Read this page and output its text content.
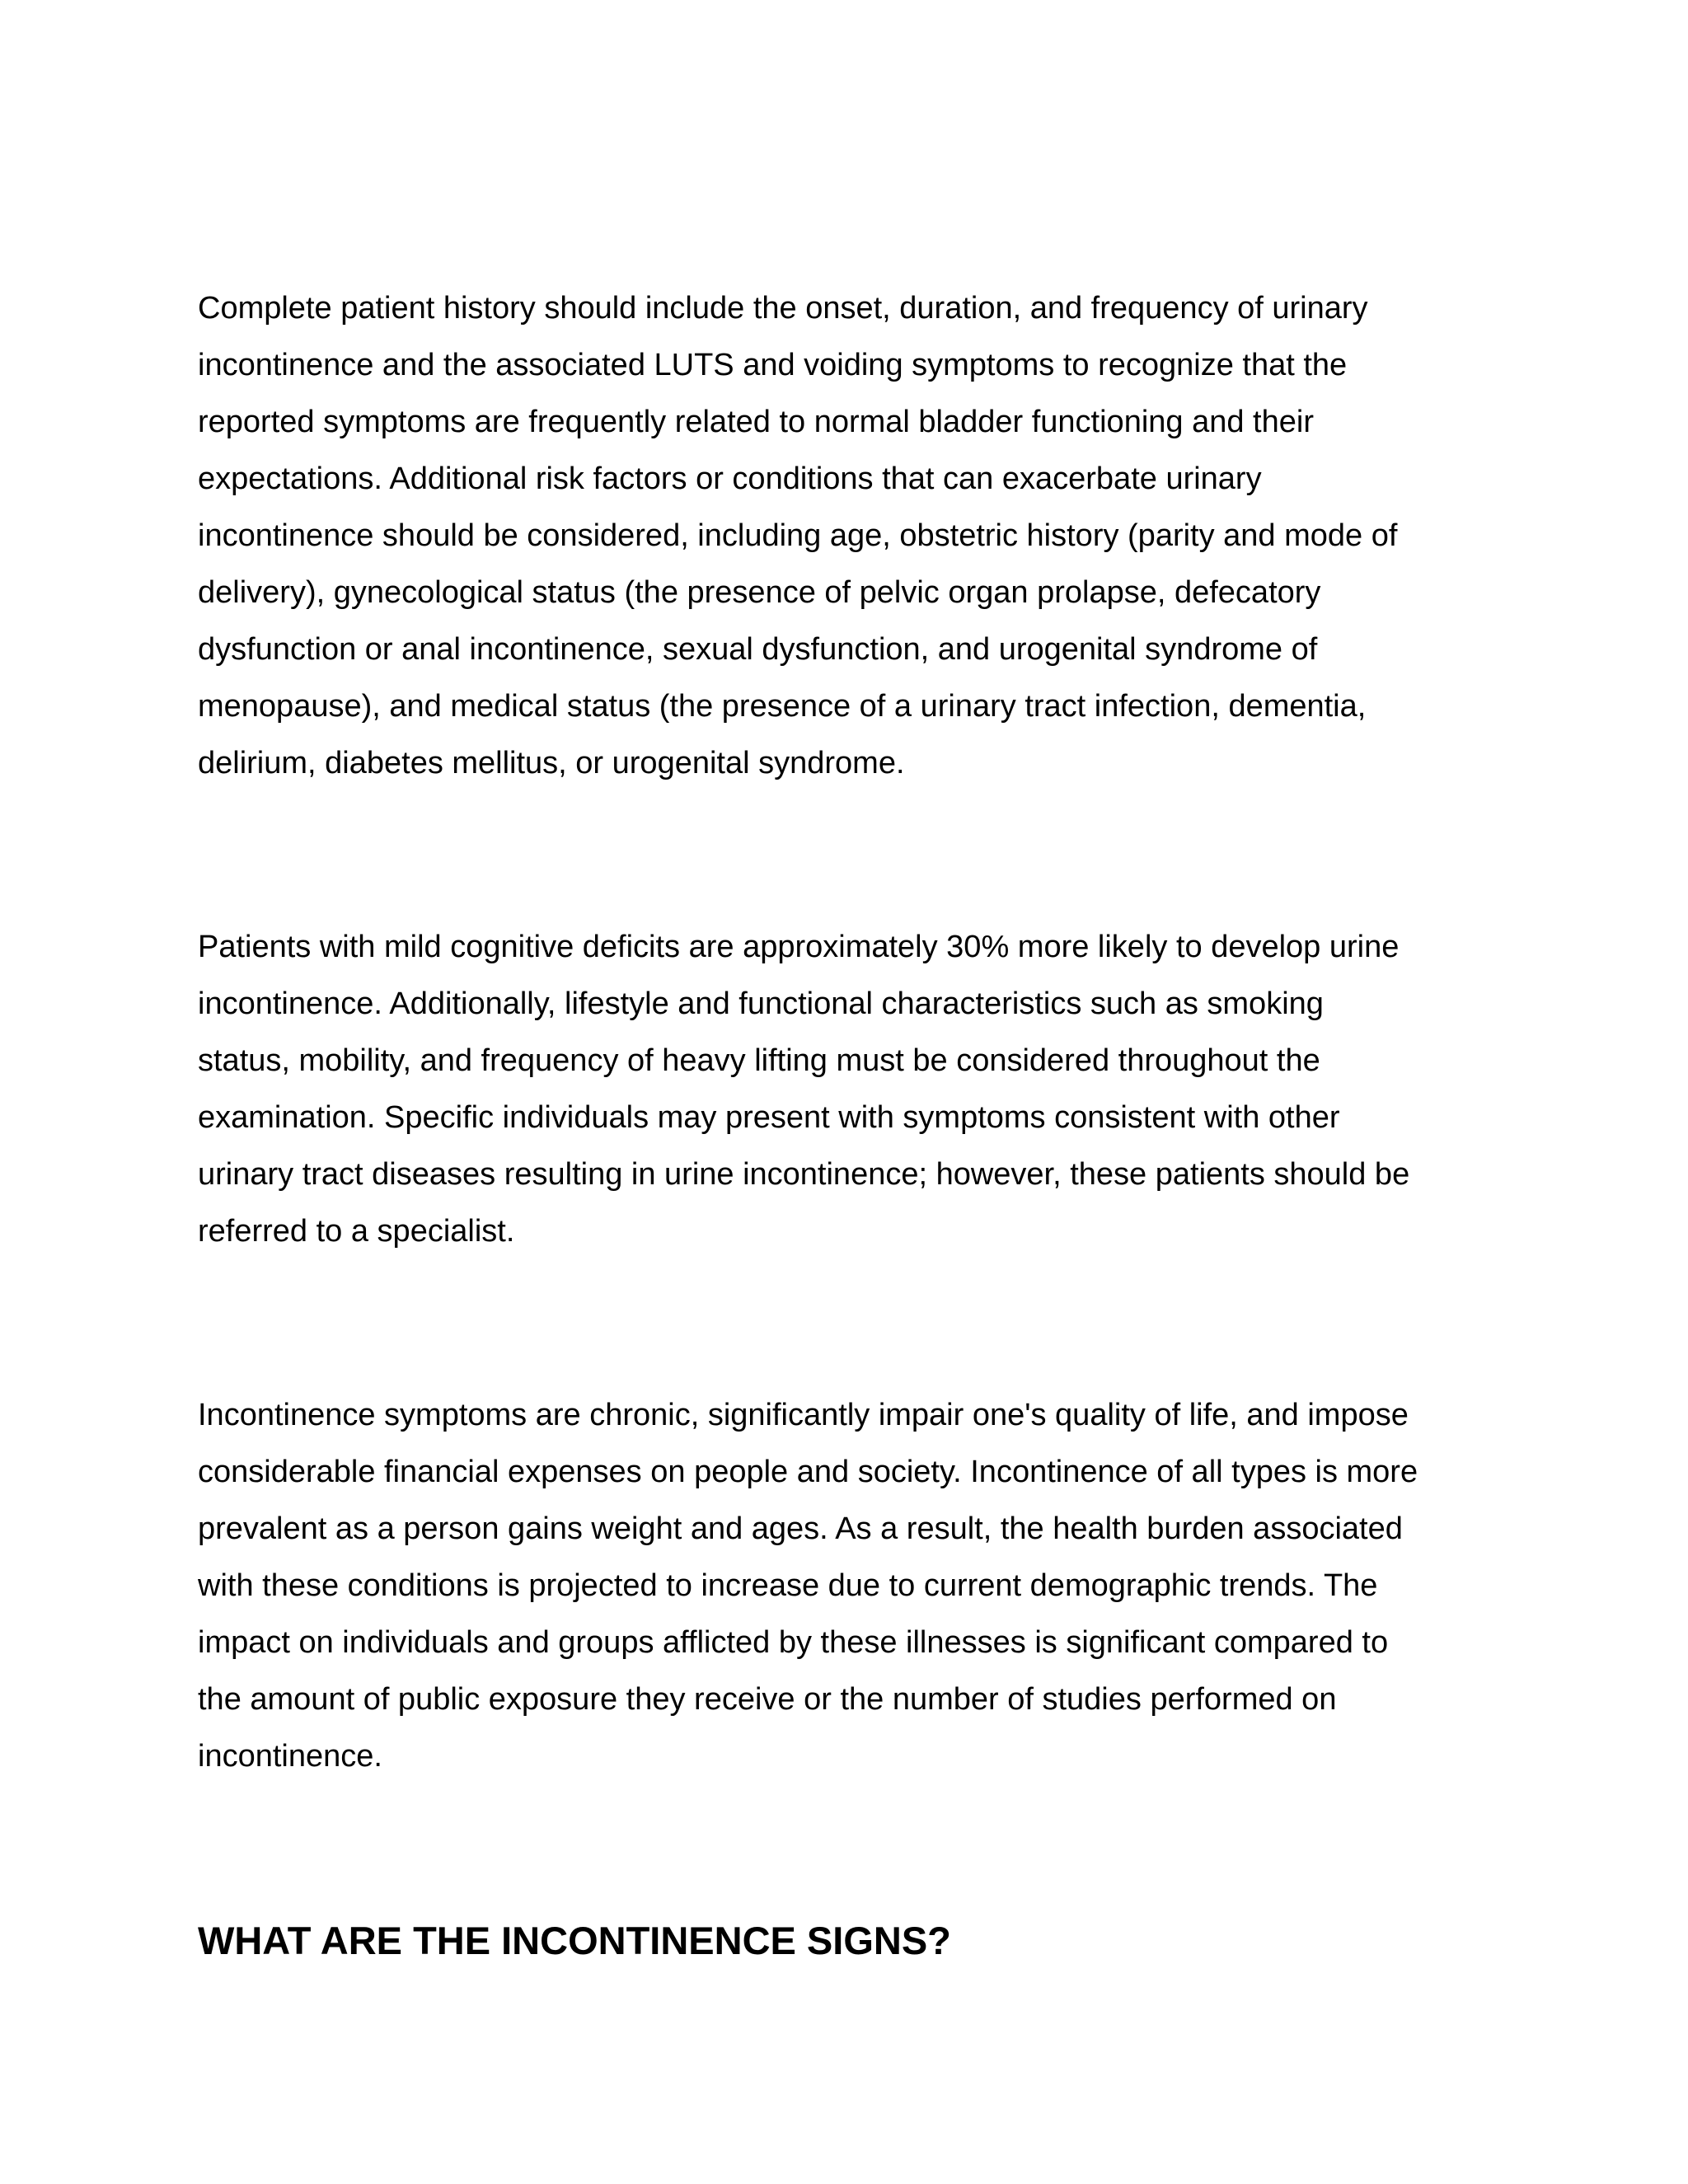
Complete patient history should include the onset, duration, and frequency of urinary
incontinence and the associated LUTS and voiding symptoms to recognize that the
reported symptoms are frequently related to normal bladder functioning and their
expectations. Additional risk factors or conditions that can exacerbate urinary
incontinence should be considered, including age, obstetric history (parity and mode of
delivery), gynecological status (the presence of pelvic organ prolapse, defecatory
dysfunction or anal incontinence, sexual dysfunction, and urogenital syndrome of
menopause), and medical status (the presence of a urinary tract infection, dementia,
delirium, diabetes mellitus, or urogenital syndrome.

Patients with mild cognitive deficits are approximately 30% more likely to develop urine
incontinence. Additionally, lifestyle and functional characteristics such as smoking
status, mobility, and frequency of heavy lifting must be considered throughout the
examination. Specific individuals may present with symptoms consistent with other
urinary tract diseases resulting in urine incontinence; however, these patients should be
referred to a specialist.

Incontinence symptoms are chronic, significantly impair one's quality of life, and impose
considerable financial expenses on people and society. Incontinence of all types is more
prevalent as a person gains weight and ages. As a result, the health burden associated
with these conditions is projected to increase due to current demographic trends. The
impact on individuals and groups afflicted by these illnesses is significant compared to
the amount of public exposure they receive or the number of studies performed on
incontinence.

WHAT ARE THE INCONTINENCE SIGNS?
